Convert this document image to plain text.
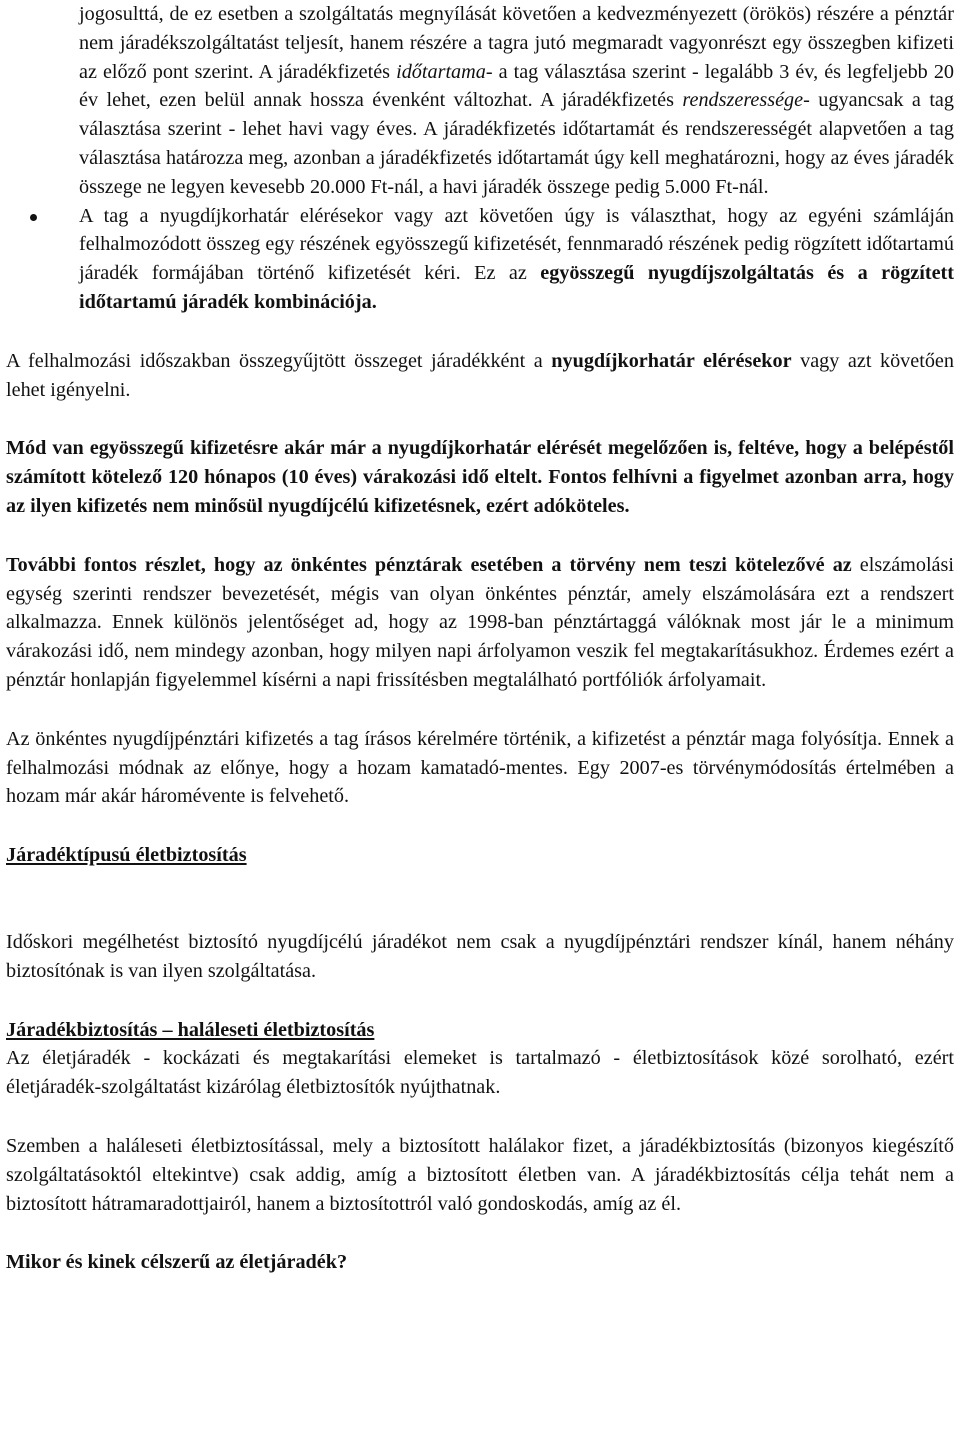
jogosulttá, de ez esetben a szolgáltatás megnyílását követően a kedvezményezett (örökös) részére a pénztár nem járadékszolgáltatást teljesít, hanem részére a tagra jutó megmaradt vagyonrészt egy összegben kifizeti az előző pont szerint. A járadékfizetés időtartama- a tag választása szerint - legalább 3 év, és legfeljebb 20 év lehet, ezen belül annak hossza évenként változhat. A járadékfizetés rendszeressége- ugyancsak a tag választása szerint - lehet havi vagy éves. A járadékfizetés időtartamát és rendszerességét alapvetően a tag választása határozza meg, azonban a járadékfizetés időtartamát úgy kell meghatározni, hogy az éves járadék összege ne legyen kevesebb 20.000 Ft-nál, a havi járadék összege pedig 5.000 Ft-nál.

A tag a nyugdíjkorhatár elérésekor vagy azt követően úgy is választhat, hogy az egyéni számláján felhalmozódott összeg egy részének egyösszegű kifizetését, fennmaradó részének pedig rögzített időtartamú járadék formájában történő kifizetését kéri. Ez az egyösszegű nyugdíjszolgáltatás és a rögzített időtartamú járadék kombinációja.

A felhalmozási időszakban összegyűjtött összeget járadékként a nyugdíjkorhatár elérésekor vagy azt követően lehet igényelni.

Mód van egyösszegű kifizetésre akár már a nyugdíjkorhatár elérését megelőzően is, feltéve, hogy a belépéstől számított kötelező 120 hónapos (10 éves) várakozási idő eltelt. Fontos felhívni a figyelmet azonban arra, hogy az ilyen kifizetés nem minősül nyugdíjcélú kifizetésnek, ezért adóköteles.

További fontos részlet, hogy az önkéntes pénztárak esetében a törvény nem teszi kötelezővé az elszámolási egység szerinti rendszer bevezetését, mégis van olyan önkéntes pénztár, amely elszámolására ezt a rendszert alkalmazza. Ennek különös jelentőséget ad, hogy az 1998-ban pénztártaggá válóknak most jár le a minimum várakozási idő, nem mindegy azonban, hogy milyen napi árfolyamon veszik fel megtakarításukhoz. Érdemes ezért a pénztár honlapján figyelemmel kísérni a napi frissítésben megtalálható portfóliók árfolyamait.

Az önkéntes nyugdíjpénztári kifizetés a tag írásos kérelmére történik, a kifizetést a pénztár maga folyósítja. Ennek a felhalmozási módnak az előnye, hogy a hozam kamatadó-mentes. Egy 2007-es törvénymódosítás értelmében a hozam már akár háromévente is felvehető.

Járadéktípusú életbiztosítás

Időskori megélhetést biztosító nyugdíjcélú járadékot nem csak a nyugdíjpénztári rendszer kínál, hanem néhány biztosítónak is van ilyen szolgáltatása.

Járadékbiztosítás – haláleseti életbiztosítás

Az életjáradék - kockázati és megtakarítási elemeket is tartalmazó - életbiztosítások közé sorolható, ezért életjáradék-szolgáltatást kizárólag életbiztosítók nyújthatnak.

Szemben a haláleseti életbiztosítással, mely a biztosított halálakor fizet, a járadékbiztosítás (bizonyos kiegészítő szolgáltatásoktól eltekintve) csak addig, amíg a biztosított életben van. A járadékbiztosítás célja tehát nem a biztosított hátramaradottjairól, hanem a biztosítottról való gondoskodás, amíg az él.

Mikor és kinek célszerű az életjáradék?
